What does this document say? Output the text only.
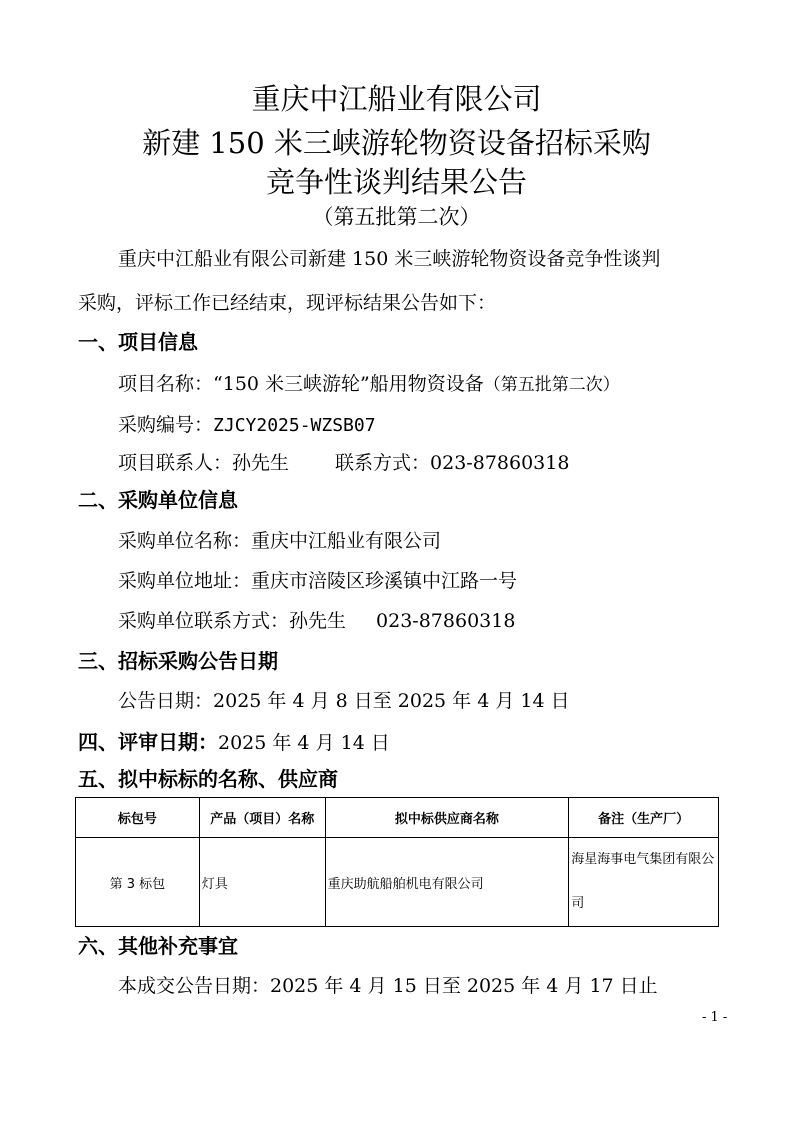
重庆中江船业有限公司
新建 150 米三峡游轮物资设备招标采购
竞争性谈判结果公告
（第五批第二次）
重庆中江船业有限公司新建 150 米三峡游轮物资设备竞争性谈判
采购，评标工作已经结束，现评标结果公告如下：
一、项目信息
项目名称：“150 米三峡游轮”船用物资设备（第五批第二次）
采购编号：ZJCY2025-WZSB07
项目联系人：孙先生 联系方式：023-87860318
二、采购单位信息
采购单位名称：重庆中江船业有限公司
采购单位地址：重庆市涪陵区珍溪镇中江路一号
采购单位联系方式：孙先生 023-87860318
三、招标采购公告日期
公告日期：2025 年 4 月 8 日至 2025 年 4 月 14 日
四、评审日期：2025 年 4 月 14 日
五、拟中标标的名称、供应商
标包号	产品（项目）名称	拟中标供应商名称	备注（生产厂）
第 3 标包	灯具	重庆助航船舶机电有限公司	海星海事电气集团有限公司
六、其他补充事宜
本成交公告日期：2025 年 4 月 15 日至 2025 年 4 月 17 日止
- 1 -
